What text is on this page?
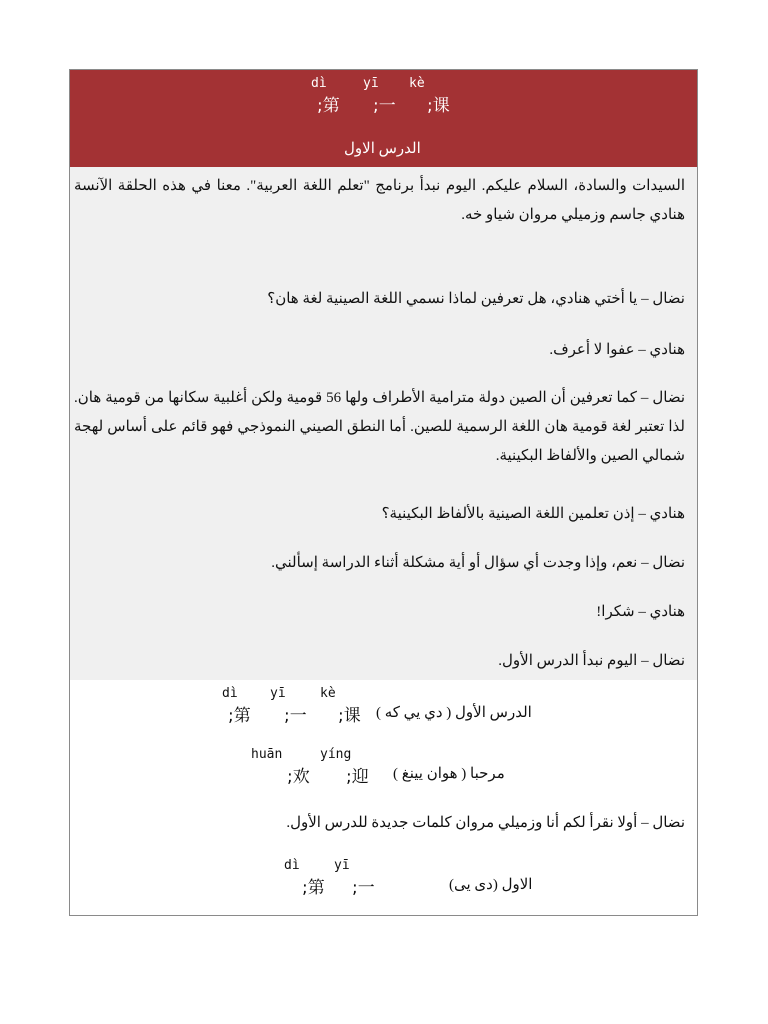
dì	yī kè
;第 ;一 ;课
الدرس الاول
السيدات والسادة، السلام عليكم. اليوم نبدأ برنامج "تعلم اللغة العربية". معنا في هذه الحلقة الآنسة هنادي جاسم وزميلي مروان شياو خه.
نضال – يا أختي هنادي، هل تعرفين لماذا نسمي اللغة الصينية لغة هان؟
هنادي – عفوا لا أعرف.
نضال – كما تعرفين أن الصين دولة مترامية الأطراف ولها 56 قومية ولكن أغلبية سكانها من قومية هان. لذا تعتبر لغة قومية هان اللغة الرسمية للصين. أما النطق الصيني النموذجي فهو قائم على أساس لهجة شمالي الصين والألفاظ البكينية.
هنادي – إذن تعلمين اللغة الصينية بالألفاظ البكينية؟
نضال – نعم، وإذا وجدت أي سؤال أو أية مشكلة أثناء الدراسة إسألني.
هنادي – شكرا!
نضال – اليوم نبدأ الدرس الأول.
dì yī	kè
;第 ;一 ;课 الدرس الأول ( دي يي كه )
huān	yíng
;欢 ;迎 مرحبا ( هوان يينغ )
نضال – أولا نقرأ لكم أنا وزميلي مروان كلمات جديدة للدرس الأول.
dì	yī
;第 ;一	الاول (دى يى)
